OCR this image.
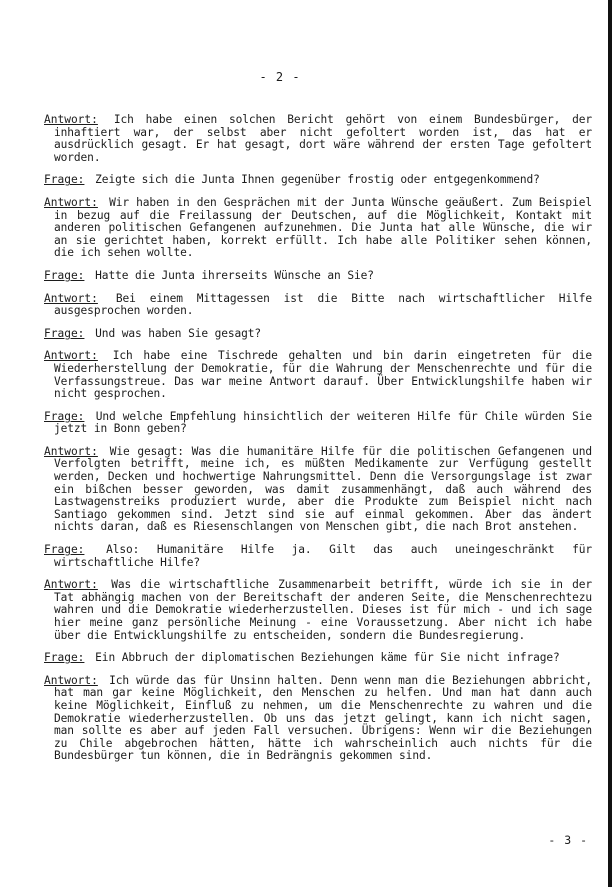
- 2 -

Antwort: Ich habe einen solchen Bericht gehört von einem Bundesbürger, der inhaftiert war, der selbst aber nicht gefoltert worden ist, das hat er ausdrücklich gesagt. Er hat gesagt, dort wäre während der ersten Tage gefoltert worden.

Frage: Zeigte sich die Junta Ihnen gegenüber frostig oder entgegenkommend?

Antwort: Wir haben in den Gesprächen mit der Junta Wünsche geäußert. Zum Beispiel in bezug auf die Freilassung der Deutschen, auf die Möglichkeit, Kontakt mit anderen politischen Gefangenen aufzunehmen. Die Junta hat alle Wünsche, die wir an sie gerichtet haben, korrekt erfüllt. Ich habe alle Politiker sehen können, die ich sehen wollte.

Frage: Hatte die Junta ihrerseits Wünsche an Sie?

Antwort: Bei einem Mittagessen ist die Bitte nach wirtschaftlicher Hilfe ausgesprochen worden.

Frage: Und was haben Sie gesagt?

Antwort: Ich habe eine Tischrede gehalten und bin darin eingetreten für die Wiederherstellung der Demokratie, für die Wahrung der Menschenrechte und für die Verfassungstreue. Das war meine Antwort darauf. Über Entwicklungshilfe haben wir nicht gesprochen.

Frage: Und welche Empfehlung hinsichtlich der weiteren Hilfe für Chile würden Sie jetzt in Bonn geben?

Antwort: Wie gesagt: Was die humanitäre Hilfe für die politischen Gefangenen und Verfolgten betrifft, meine ich, es müßten Medikamente zur Verfügung gestellt werden, Decken und hochwertige Nahrungsmittel. Denn die Versorgungslage ist zwar ein bißchen besser geworden, was damit zusammenhängt, daß auch während des Lastwagenstreiks produziert wurde, aber die Produkte zum Beispiel nicht nach Santiago gekommen sind. Jetzt sind sie auf einmal gekommen. Aber das ändert nichts daran, daß es Riesenschlangen von Menschen gibt, die nach Brot anstehen.

Frage: Also: Humanitäre Hilfe ja. Gilt das auch uneingeschränkt für wirtschaftliche Hilfe?

Antwort: Was die wirtschaftliche Zusammenarbeit betrifft, würde ich sie in der Tat abhängig machen von der Bereitschaft der anderen Seite, die Menschenrechtezu wahren und die Demokratie wiederherzustellen. Dieses ist für mich - und ich sage hier meine ganz persönliche Meinung - eine Voraussetzung. Aber nicht ich habe über die Entwicklungshilfe zu entscheiden, sondern die Bundesregierung.

Frage: Ein Abbruch der diplomatischen Beziehungen käme für Sie nicht infrage?

Antwort: Ich würde das für Unsinn halten. Denn wenn man die Beziehungen abbricht, hat man gar keine Möglichkeit, den Menschen zu helfen. Und man hat dann auch keine Möglichkeit, Einfluß zu nehmen, um die Menschenrechte zu wahren und die Demokratie wiederherzustellen. Ob uns das jetzt gelingt, kann ich nicht sagen, man sollte es aber auf jeden Fall versuchen. Übrigens: Wenn wir die Beziehungen zu Chile abgebrochen hätten, hätte ich wahrscheinlich auch nichts für die Bundesbürger tun können, die in Bedrängnis gekommen sind.

- 3 -
